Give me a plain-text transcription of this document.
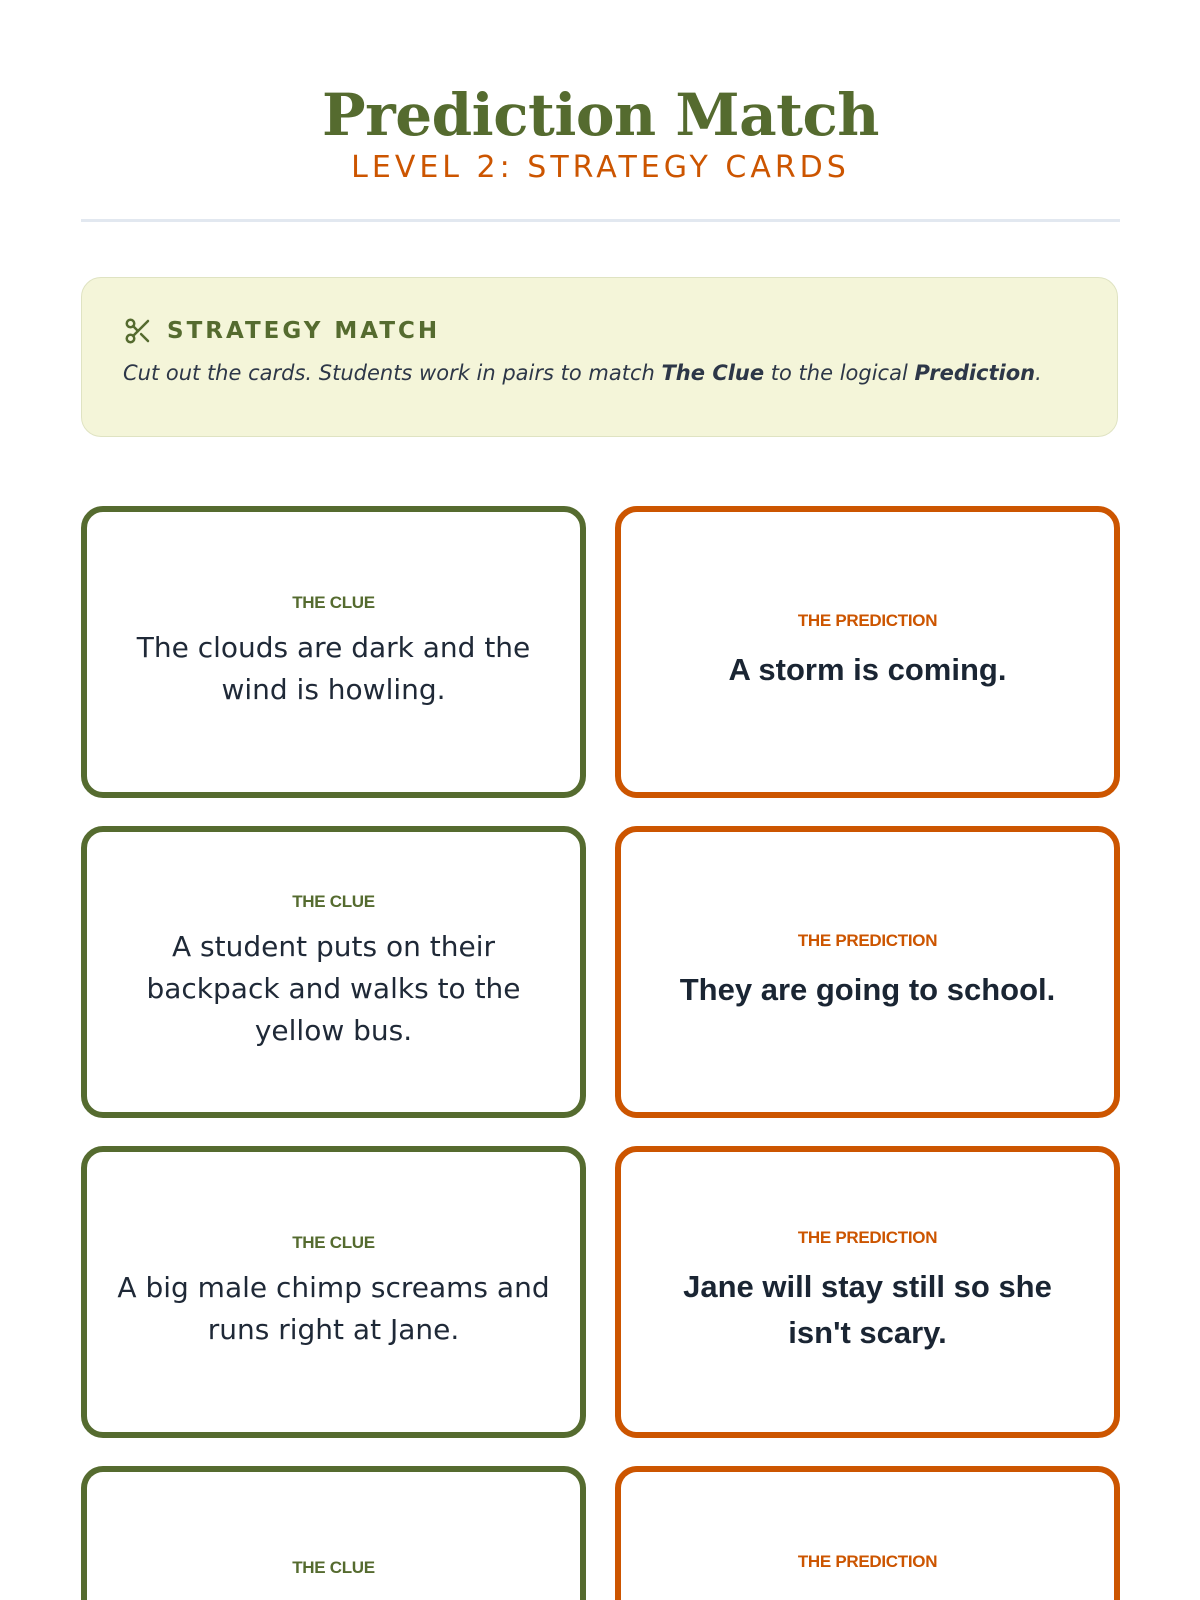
Prediction Match
LEVEL 2: STRATEGY CARDS
STRATEGY MATCH
Cut out the cards. Students work in pairs to match The Clue to the logical Prediction.
THE CLUE
The clouds are dark and the wind is howling.
THE PREDICTION
A storm is coming.
THE CLUE
A student puts on their backpack and walks to the yellow bus.
THE PREDICTION
They are going to school.
THE CLUE
A big male chimp screams and runs right at Jane.
THE PREDICTION
Jane will stay still so she isn't scary.
THE CLUE	THE PREDICTION
